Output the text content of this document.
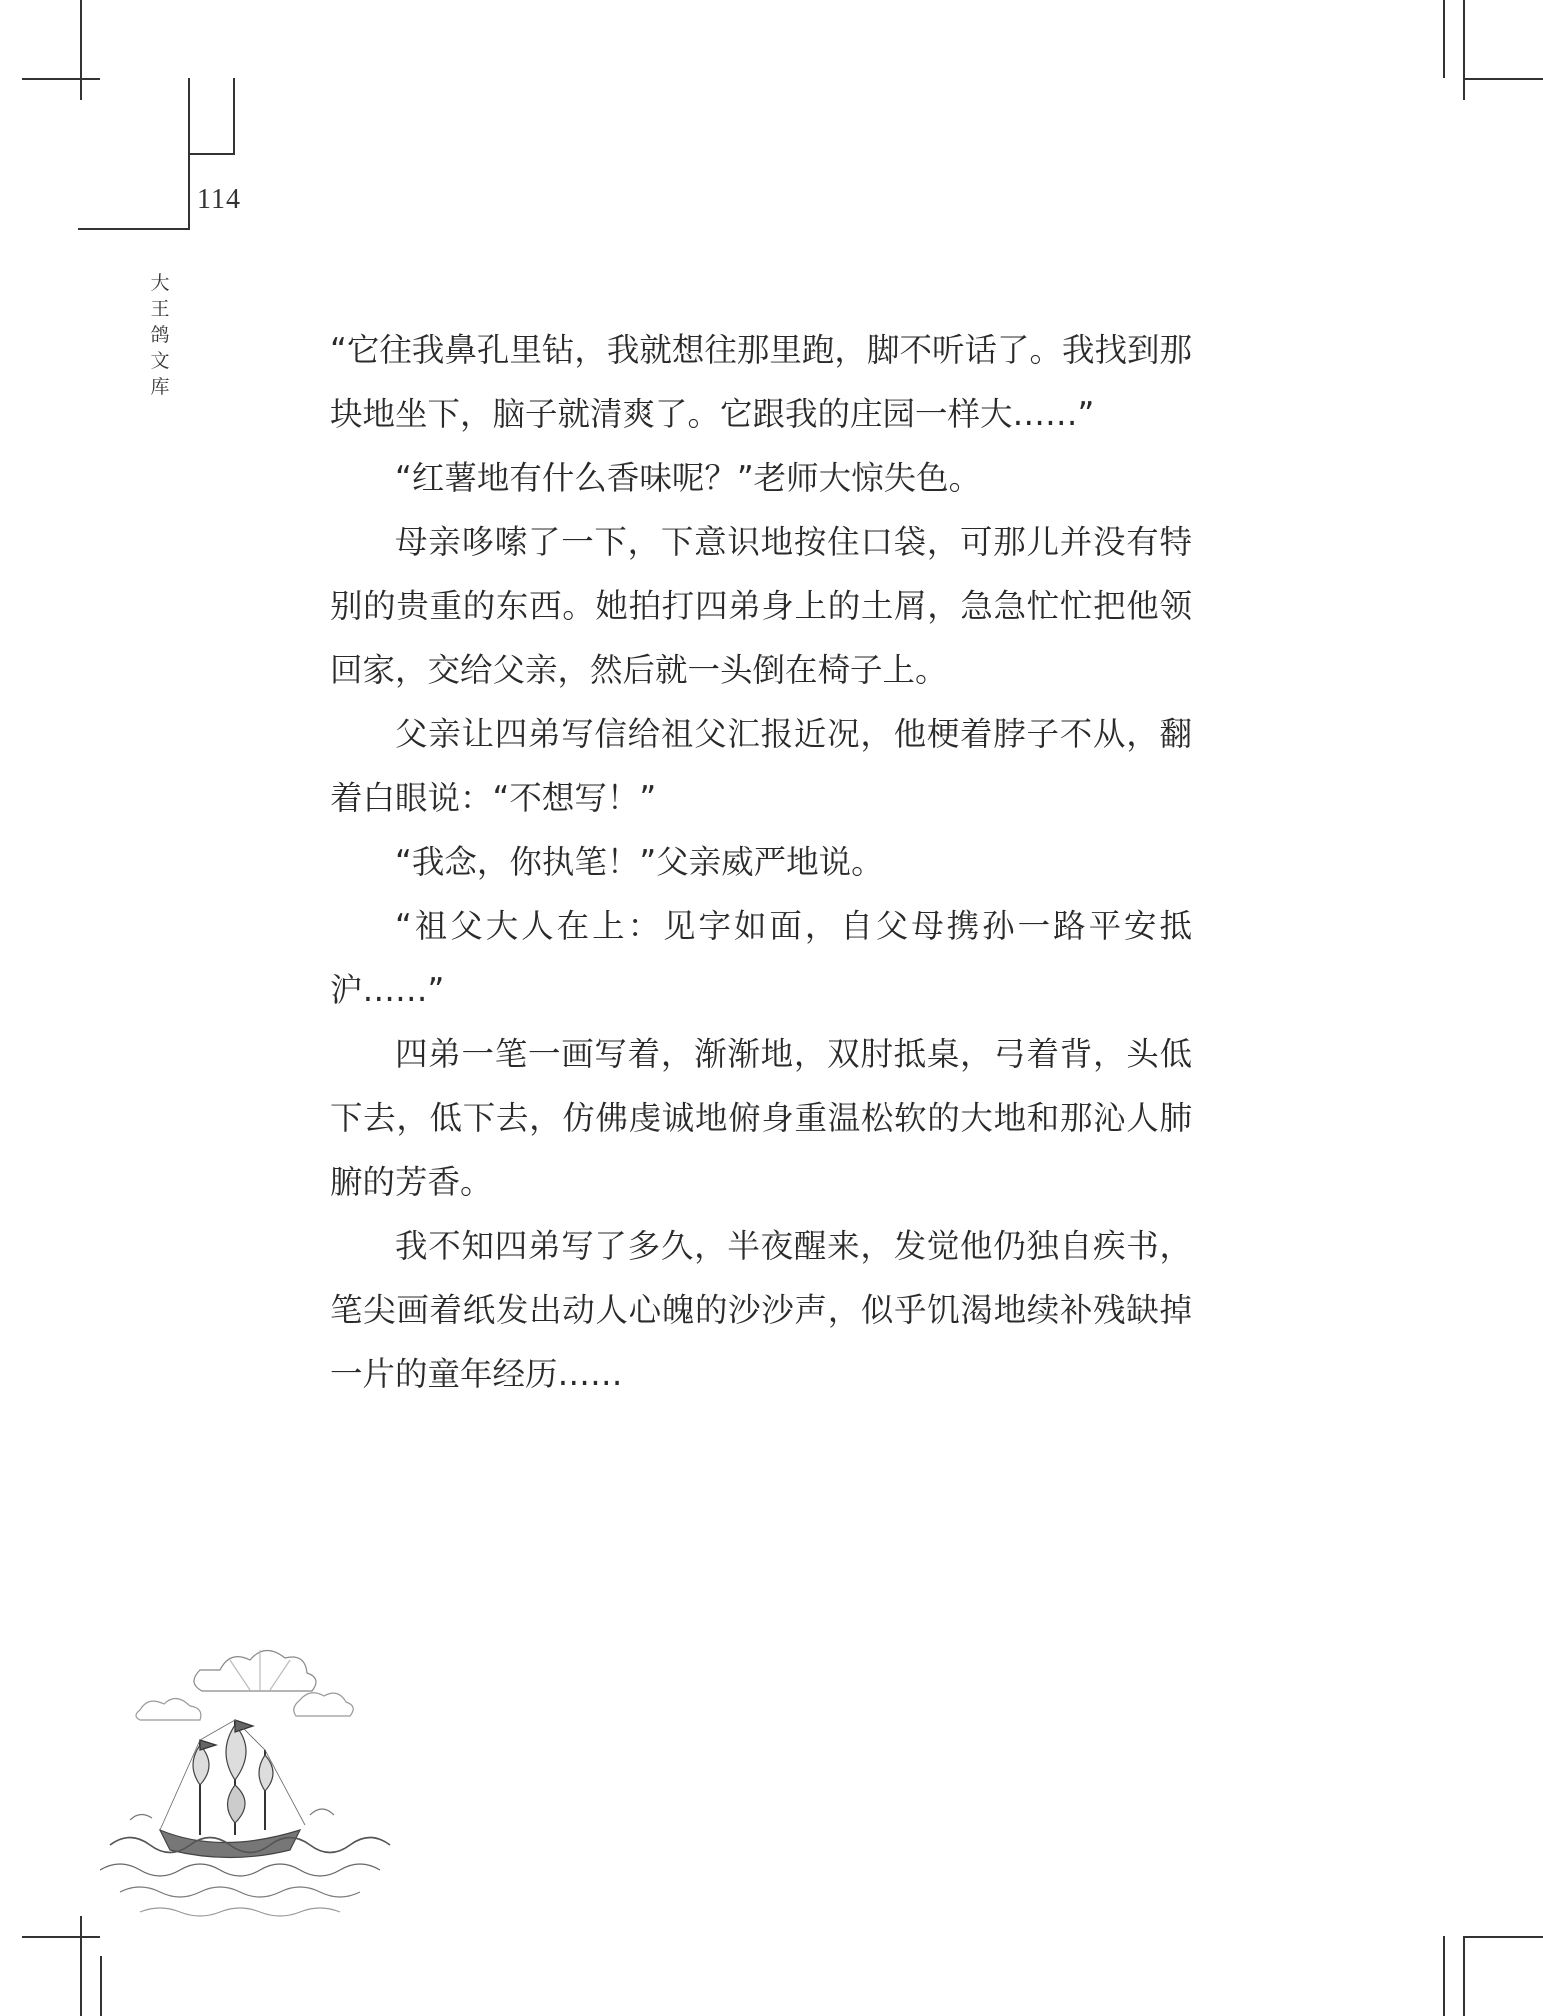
114
大王鸽文库

“它往我鼻孔里钻，我就想往那里跑，脚不听话了。我找到那块地坐下，脑子就清爽了。它跟我的庄园一样大……”

“红薯地有什么香味呢？”老师大惊失色。

母亲哆嗦了一下，下意识地按住口袋，可那儿并没有特别的贵重的东西。她拍打四弟身上的土屑，急急忙忙把他领回家，交给父亲，然后就一头倒在椅子上。

父亲让四弟写信给祖父汇报近况，他梗着脖子不从，翻着白眼说：“不想写！”

“我念，你执笔！”父亲威严地说。

“祖父大人在上：见字如面，自父母携孙一路平安抵沪……”

四弟一笔一画写着，渐渐地，双肘抵桌，弓着背，头低下去，低下去，仿佛虔诚地俯身重温松软的大地和那沁人肺腑的芳香。

我不知四弟写了多久，半夜醒来，发觉他仍独自疾书，笔尖画着纸发出动人心魄的沙沙声，似乎饥渴地续补残缺掉一片的童年经历……
